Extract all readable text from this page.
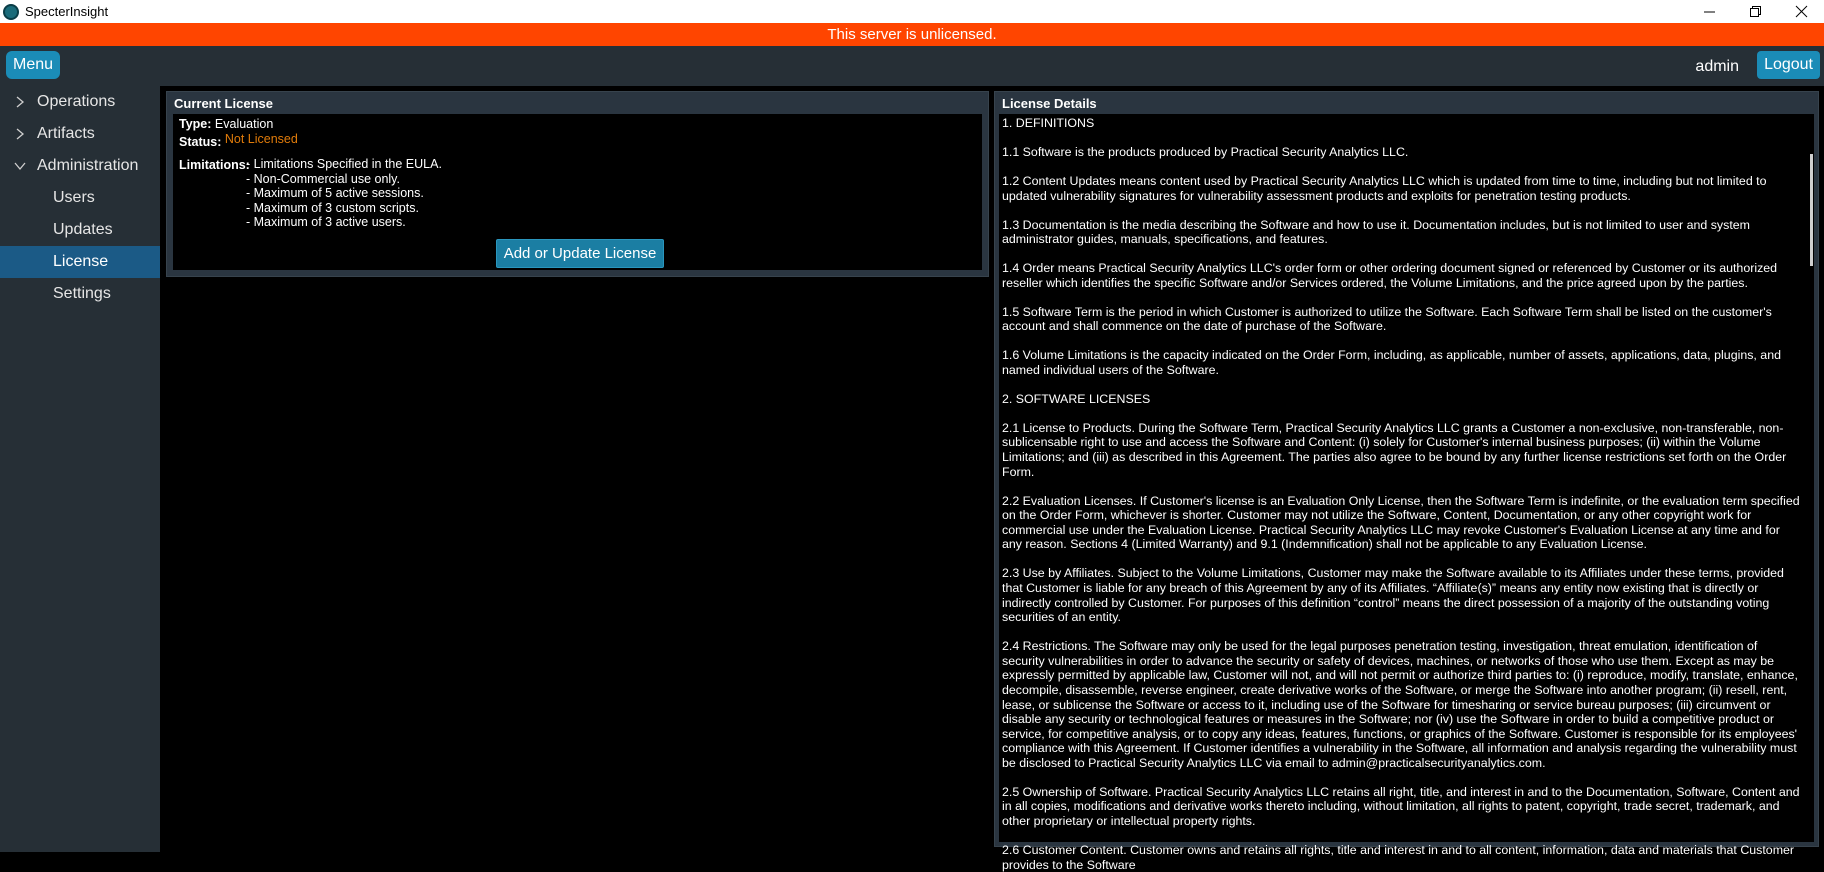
SpecterInsight
This server is unlicensed.
Menu	admin	Logout
Operations
Artifacts
Administration
Users
Updates
License
Settings
Current License
Type: Evaluation
Status: Not Licensed
Limitations:
- Limitations Specified in the EULA.
- Non-Commercial use only.
- Maximum of 5 active sessions.
- Maximum of 3 custom scripts.
- Maximum of 3 active users.
Add or Update License
License Details

1. DEFINITIONS

1.1 Software is the products produced by Practical Security Analytics LLC.

1.2 Content Updates means content used by Practical Security Analytics LLC which is updated from time to time, including but not limited to updated vulnerability signatures for vulnerability assessment products and exploits for penetration testing products.

1.3 Documentation is the media describing the Software and how to use it. Documentation includes, but is not limited to user and system administrator guides, manuals, specifications, and features.

1.4 Order means Practical Security Analytics LLC's order form or other ordering document signed or referenced by Customer or its authorized reseller which identifies the specific Software and/or Services ordered, the Volume Limitations, and the price agreed upon by the parties.

1.5 Software Term is the period in which Customer is authorized to utilize the Software. Each Software Term shall be listed on the customer's account and shall commence on the date of purchase of the Software.

1.6 Volume Limitations is the capacity indicated on the Order Form, including, as applicable, number of assets, applications, data, plugins, and named individual users of the Software.

2. SOFTWARE LICENSES

2.1 License to Products. During the Software Term, Practical Security Analytics LLC grants a Customer a non-exclusive, non-transferable, non-sublicensable right to use and access the Software and Content: (i) solely for Customer's internal business purposes; (ii) within the Volume Limitations; and (iii) as described in this Agreement. The parties also agree to be bound by any further license restrictions set forth on the Order Form.

2.2 Evaluation Licenses. If Customer's license is an Evaluation Only License, then the Software Term is indefinite, or the evaluation term specified on the Order Form, whichever is shorter. Customer may not utilize the Software, Content, Documentation, or any other copyright work for commercial use under the Evaluation License. Practical Security Analytics LLC may revoke Customer's Evaluation License at any time and for any reason. Sections 4 (Limited Warranty) and 9.1 (Indemnification) shall not be applicable to any Evaluation License.

2.3 Use by Affiliates. Subject to the Volume Limitations, Customer may make the Software available to its Affiliates under these terms, provided that Customer is liable for any breach of this Agreement by any of its Affiliates. “Affiliate(s)” means any entity now existing that is directly or indirectly controlled by Customer. For purposes of this definition “control” means the direct possession of a majority of the outstanding voting securities of an entity.

2.4 Restrictions. The Software may only be used for the legal purposes penetration testing, investigation, threat emulation, identification of security vulnerabilities in order to advance the security or safety of devices, machines, or networks of those who use them. Except as may be expressly permitted by applicable law, Customer will not, and will not permit or authorize third parties to: (i) reproduce, modify, translate, enhance, decompile, disassemble, reverse engineer, create derivative works of the Software, or merge the Software into another program; (ii) resell, rent, lease, or sublicense the Software or access to it, including use of the Software for timesharing or service bureau purposes; (iii) circumvent or disable any security or technological features or measures in the Software; nor (iv) use the Software in order to build a competitive product or service, for competitive analysis, or to copy any ideas, features, functions, or graphics of the Software. Customer is responsible for its employees' compliance with this Agreement. If Customer identifies a vulnerability in the Software, all information and analysis regarding the vulnerability must be disclosed to Practical Security Analytics LLC via email to admin@practicalsecurityanalytics.com.

2.5 Ownership of Software. Practical Security Analytics LLC retains all right, title, and interest in and to the Documentation, Software, Content and in all copies, modifications and derivative works thereto including, without limitation, all rights to patent, copyright, trade secret, trademark, and other proprietary or intellectual property rights.

2.6 Customer Content. Customer owns and retains all rights, title and interest in and to all content, information, data and materials that Customer provides to the Software
